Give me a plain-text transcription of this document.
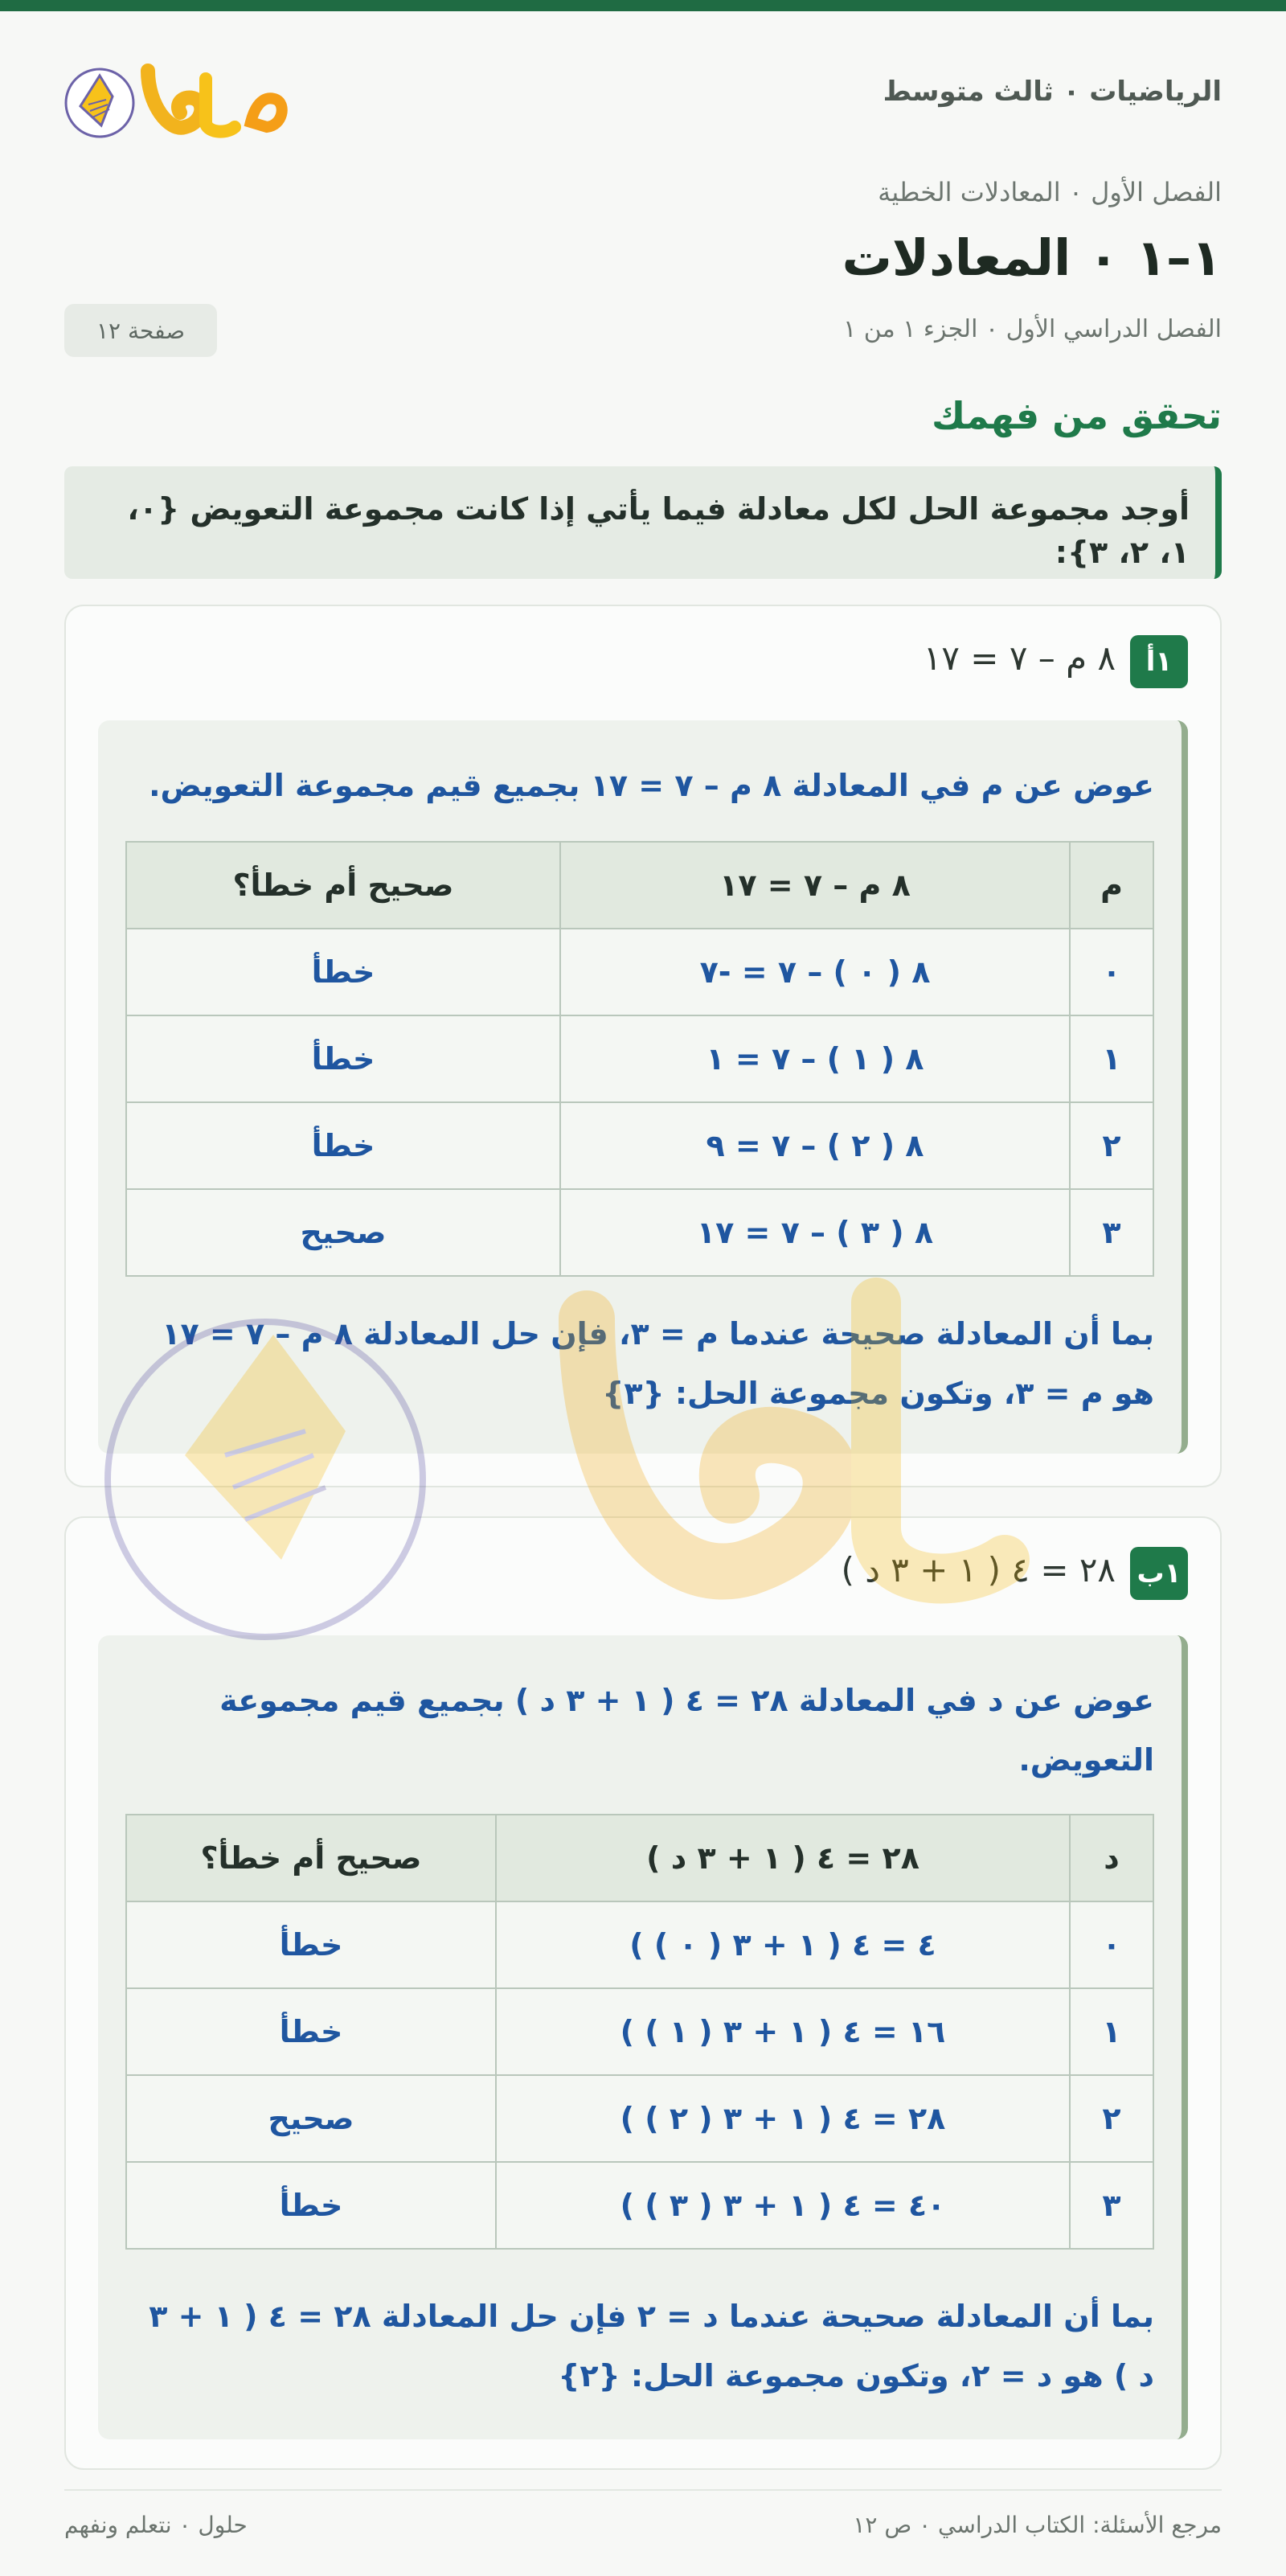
الرياضيات ٠ ثالث متوسط
الفصل الأول ٠ المعادلات الخطية
١–١ ٠ المعادلات
الفصل الدراسي الأول ٠ الجزء ١ من ١
صفحة ١٢
تحقق من فهمك
أوجد مجموعة الحل لكل معادلة فيما يأتي إذا كانت مجموعة التعويض {٠، ١، ٢، ٣}:
١أ
٨ م – ٧ = ١٧
عوض عن م في المعادلة ٨ م – ٧ = ١٧ بجميع قيم مجموعة التعويض.
م	٨ م – ٧ = ١٧	صحيح أم خطأ؟
٠	٨ ( ٠ ) – ٧ = ‎-٧	خطأ
١	٨ ( ١ ) – ٧ = ١	خطأ
٢	٨ ( ٢ ) – ٧ = ٩	خطأ
٣	٨ ( ٣ ) – ٧ = ١٧	صحيح
بما أن المعادلة صحيحة عندما م = ٣، فإن حل المعادلة ٨ م – ٧ = ١٧ هو م = ٣، وتكون مجموعة الحل: {٣}
١ب
٢٨ = ٤ ( ١ + ٣ د )
عوض عن د في المعادلة ٢٨ = ٤ ( ١ + ٣ د ) بجميع قيم مجموعة التعويض.
د	٢٨ = ٤ ( ١ + ٣ د )	صحيح أم خطأ؟
٠	٤ = ٤ ( ١ + ٣ ( ٠ ) )	خطأ
١	١٦ = ٤ ( ١ + ٣ ( ١ ) )	خطأ
٢	٢٨ = ٤ ( ١ + ٣ ( ٢ ) )	صحيح
٣	٤٠ = ٤ ( ١ + ٣ ( ٣ ) )	خطأ
بما أن المعادلة صحيحة عندما د = ٢ فإن حل المعادلة ٢٨ = ٤ ( ١ + ٣ د ) هو د = ٢، وتكون مجموعة الحل: {٢}
مرجع الأسئلة: الكتاب الدراسي ٠ ص ١٢
حلول ٠ نتعلم ونفهم
